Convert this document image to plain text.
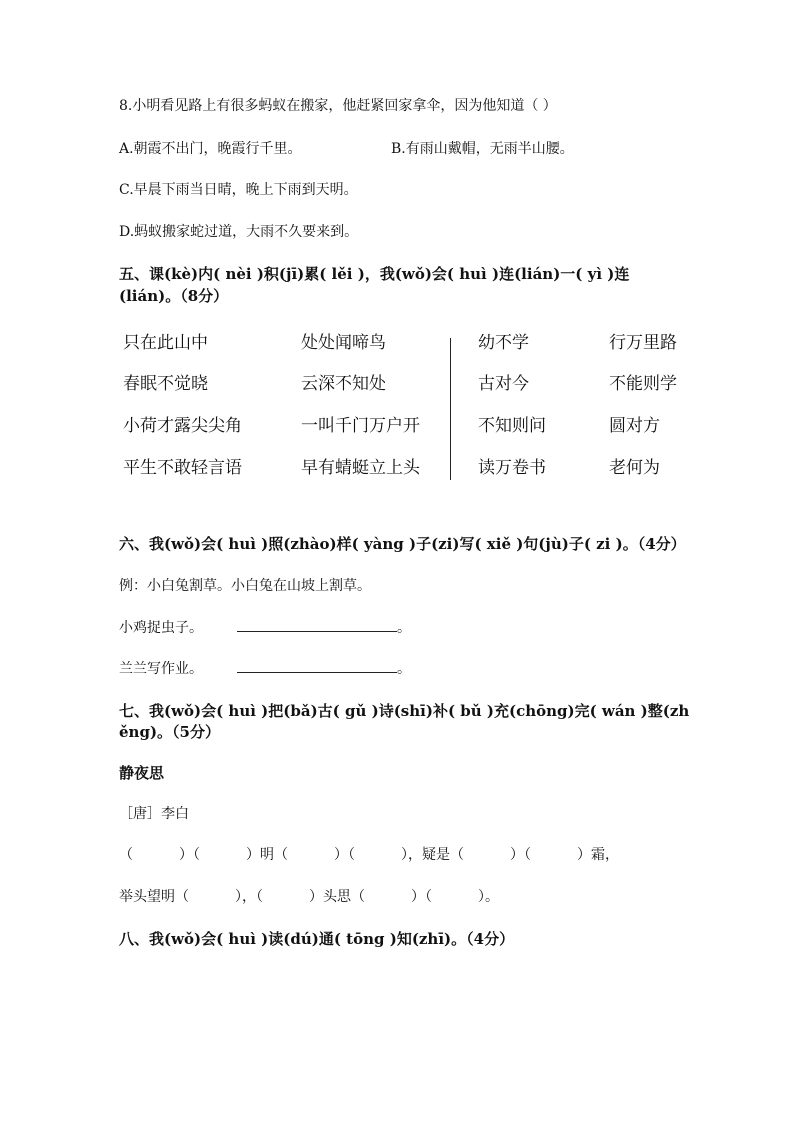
8.小明看见路上有很多蚂蚁在搬家，他赶紧回家拿伞，因为他知道（ ）
A.朝霞不出门，晚霞行千里。	B.有雨山戴帽，无雨半山腰。
C.早晨下雨当日晴，晚上下雨到天明。
D.蚂蚁搬家蛇过道，大雨不久要来到。
五、课(kè)内( nèi )积(jī)累( lěi )，我(wǒ)会( huì )连(lián)一( yì )连
(lián)。（8分）
只在此山中	处处闻啼鸟	幼不学	行万里路
春眠不觉晓	云深不知处	古对今	不能则学
小荷才露尖尖角	一叫千门万户开	不知则问	圆对方
平生不敢轻言语	早有蜻蜓立上头	读万卷书	老何为
六、我(wǒ)会( huì )照(zhào)样( yàng )子(zi)写( xiě )句(jù)子( zi )。（4分）
例：小白兔割草。小白兔在山坡上割草。
小鸡捉虫子。	。
兰兰写作业。	。
七、我(wǒ)会( huì )把(bǎ)古( gǔ )诗(shī)补( bǔ )充(chōng)完( wán )整(zh
ěng)。（5分）
静夜思
［唐］李白
（	）（	）明（	）（	），疑是（	）（	）霜，
举头望明（	），（	）头思（	）（	）。
八、我(wǒ)会( huì )读(dú)通( tōng )知(zhī)。（4分）
